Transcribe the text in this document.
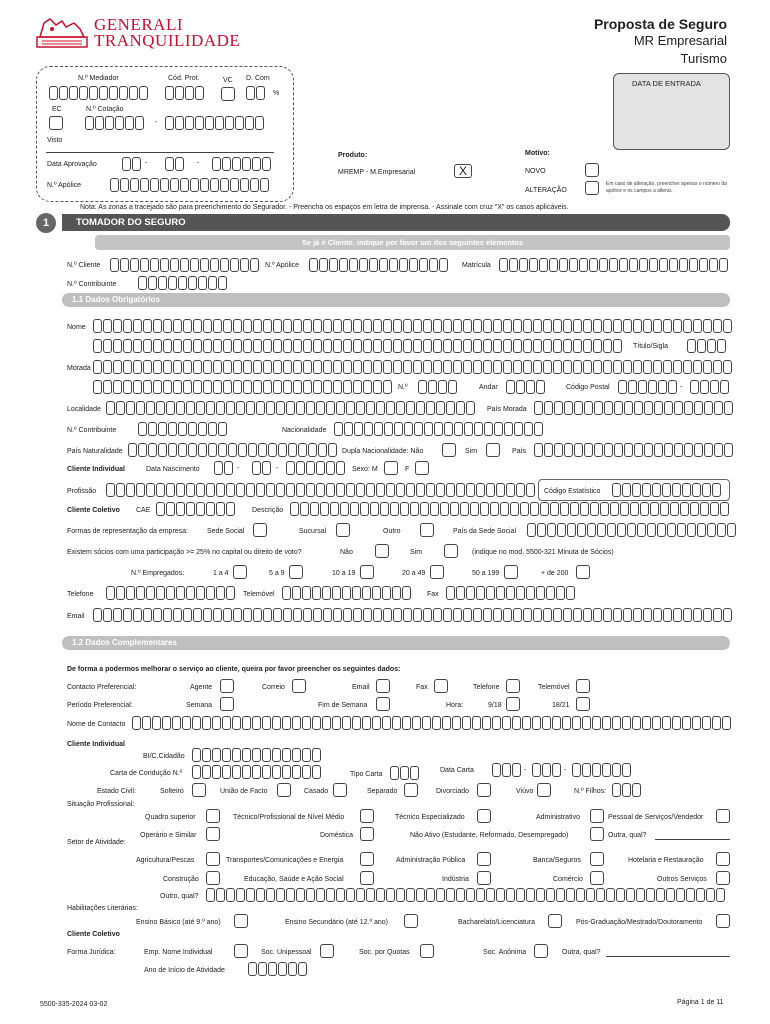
GENERALI
TRANQUILIDADE
Proposta de Seguro
MR Empresarial
Turismo
N.º Mediador	Cód. Prot.	VC D. Com
%
EC	N.º Cotação
-
Visto
Data Aprovação	-	-
N.º Apólice
DATA DE ENTRADA
Produto:
MREMP - M.Empresarial	X
Motivo:
NOVO
ALTERAÇÃO
Em caso de alteração, preencher apenas o número da apólice e os campos a alterar.
Nota: As zonas a tracejado são para preenchimento do Segurador. - Preencha os espaços em letra de imprensa. - Assinale com cruz "X" os casos aplicáveis.
1	TOMADOR DO SEGURO
Se já é Cliente, indique por favor um dos seguintes elementos
N.º Cliente	N.º Apólice	Matrícula
N.º Contribuinte
1.1 Dados Obrigatórios
Nome
Título/Sigla
Morada
N.º	Andar	Código Postal	-
Localidade	País Morada
N.º Contribuinte	Nacionalidade
País Naturalidade	Dupla Nacionalidade: Não	Sim	País
Cliente Individual	Data Nascimento	-	-	Sexo: M	F
Profissão	Código Estatístico
Cliente Coletivo CAE	Descrição
Formas de representação da empresa:	Sede Social	Sucursal	Outro	País da Sede Social
Existem sócios com uma participação >= 25% no capital ou direito de voto?	Não	Sim	(indique no mod. 5500-321 Minuta de Sócios)
N.º Empregados:	1 a 4	5 a 9	10 a 19	20 a 49	50 a 199	+ de 200
Telefone	Telemóvel	Fax
Email
1.2 Dados Complementares
De forma a podermos melhorar o serviço ao cliente, queira por favor preencher os seguintes dados:
Contacto Preferencial:	Agente	Correio	Email	Fax	Telefone	Telemóvel
Período Preferencial:	Semana	Fim de Semana	Hora:	9/18	18/21
Nome de Contacto
Cliente Individual
BI/C.Cidadão
Carta de Condução N.º	Tipo Carta
Data Carta	-	-
Estado Civil:	Solteiro	União de Facto	Casado	Separado	Divorciado	Viúvo	N.º Filhos:
Situação Profissional:
Quadro superior	Técnico/Profissional de Nível Médio	Técnico Especializado	Administrativo	Pessoal de Serviços/Vendedor
Setor de Atividade:
Operário e Similar	Doméstica	Não Ativo (Estudante, Reformado, Desempregado)	Outra, qual?
Agricultura/Pescas	Transportes/Comunicações e Energia	Administração Pública	Banca/Seguros	Hotelaria e Restauração
Construção	Educação, Saúde e Ação Social	Indústria	Comércio	Outros Serviços
Outro, qual?
Habilitações Literárias:
Ensino Básico (até 9.º ano)	Ensino Secundário (até 12.º ano)	Bacharelato/Licenciatura	Pós-Graduação/Mestrado/Doutoramento
Cliente Coletivo
Forma Jurídica:	Emp. Nome Individual	Soc. Unipessoal	Soc. por Quotas	Soc. Anónima	Outra, qual?
Ano de Início de Atividade
5500-335-2024 03-02	Página 1 de 11
